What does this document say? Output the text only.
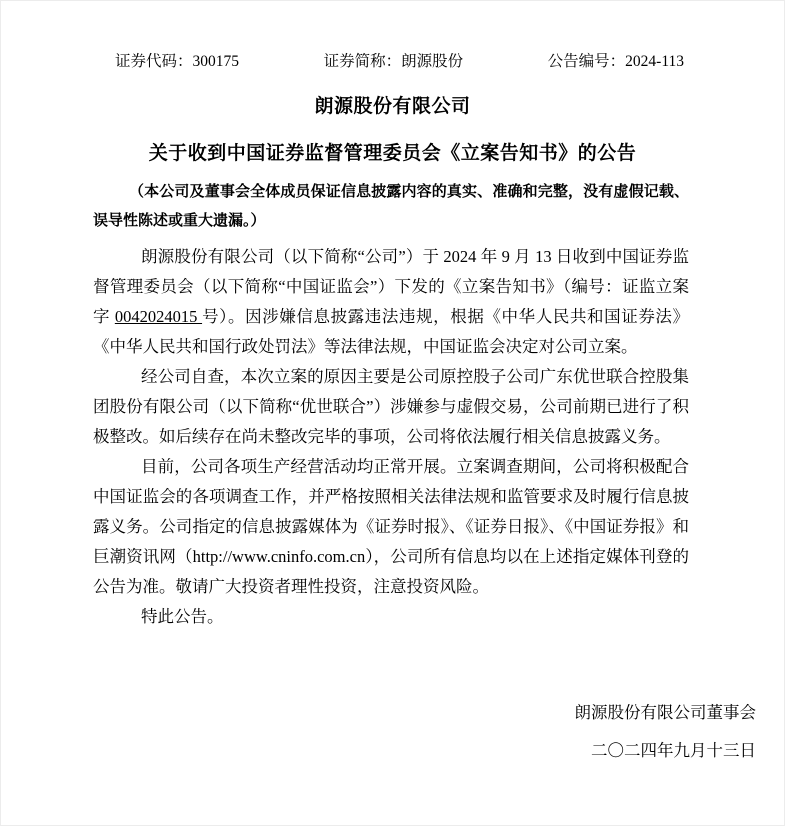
证券代码：300175	证券简称：朗源股份	公告编号：2024-113
朗源股份有限公司
关于收到中国证券监督管理委员会《立案告知书》的公告

（本公司及董事会全体成员保证信息披露内容的真实、准确和完整，没有虚假记载、误导性陈述或重大遗漏。）

朗源股份有限公司（以下简称“公司”）于 2024 年 9 月 13 日收到中国证券监督管理委员会（以下简称“中国证监会”）下发的《立案告知书》（编号：证监立案字 0042024015 号）。因涉嫌信息披露违法违规，根据《中华人民共和国证券法》《中华人民共和国行政处罚法》等法律法规，中国证监会决定对公司立案。

经公司自查，本次立案的原因主要是公司原控股子公司广东优世联合控股集团股份有限公司（以下简称“优世联合”）涉嫌参与虚假交易，公司前期已进行了积极整改。如后续存在尚未整改完毕的事项，公司将依法履行相关信息披露义务。

目前，公司各项生产经营活动均正常开展。立案调查期间，公司将积极配合中国证监会的各项调查工作，并严格按照相关法律法规和监管要求及时履行信息披露义务。公司指定的信息披露媒体为《证券时报》、《证券日报》、《中国证券报》和巨潮资讯网（http://www.cninfo.com.cn），公司所有信息均以在上述指定媒体刊登的公告为准。敬请广大投资者理性投资，注意投资风险。

特此公告。

朗源股份有限公司董事会
二〇二四年九月十三日
